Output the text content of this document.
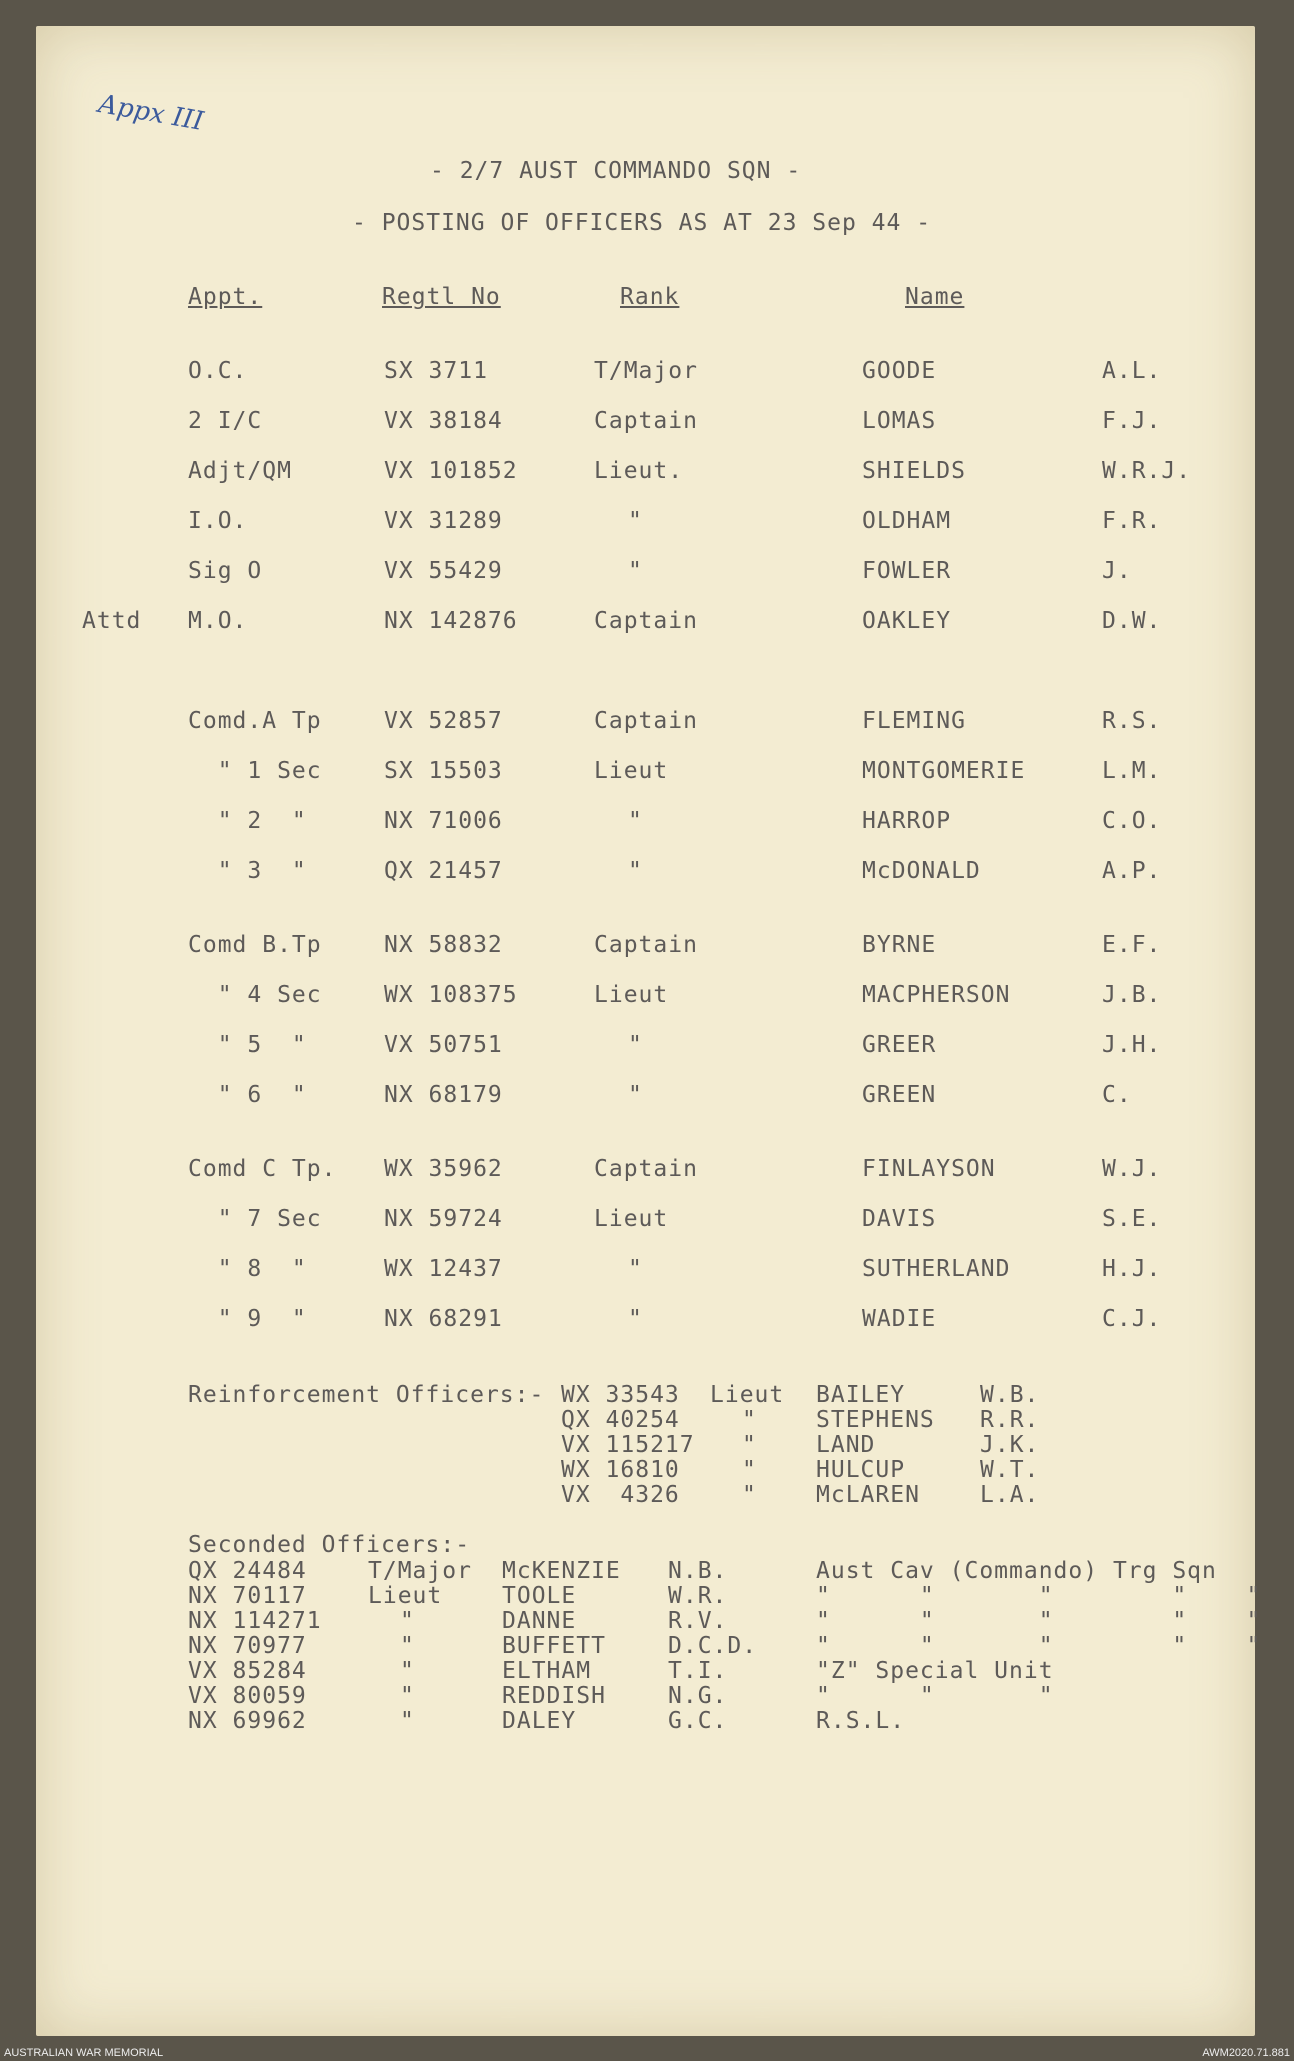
Appx III
- 2/7 AUST COMMANDO SQN -
- POSTING OF OFFICERS AS AT 23 Sep 44 -
Appt.	Regtl No	Rank	Name
O.C.	SX 3711	T/Major	GOODE	A.L.
2 I/C	VX 38184	Captain	LOMAS	F.J.
Adjt/QM	VX 101852	Lieut.	SHIELDS	W.R.J.
I.O.	VX 31289	"	OLDHAM	F.R.
Sig O	VX 55429	"	FOWLER	J.
Attd M.O.	NX 142876	Captain	OAKLEY	D.W.
Comd.A Tp	VX 52857	Captain	FLEMING	R.S.
" 1 Sec	SX 15503	Lieut	MONTGOMERIE	L.M.
" 2  "	NX 71006	"	HARROP	C.O.
" 3  "	QX 21457	"	McDONALD	A.P.
Comd B.Tp	NX 58832	Captain	BYRNE	E.F.
" 4 Sec	WX 108375	Lieut	MACPHERSON	J.B.
" 5  "	VX 50751	"	GREER	J.H.
" 6  "	NX 68179	"	GREEN	C.
Comd C Tp. WX 35962	Captain	FINLAYSON	W.J.
" 7 Sec	NX 59724	Lieut	DAVIS	S.E.
" 8  "	WX 12437	"	SUTHERLAND	H.J.
" 9  "	NX 68291	"	WADIE	C.J.
Reinforcement Officers:- WX 33543 Lieut BAILEY	W.B.
QX 40254	"	STEPHENS R.R.
VX 115217 "	LAND	J.K.
WX 16810	"	HULCUP	W.T.
VX  4326	"	McLAREN	L.A.
Seconded Officers:-
QX 24484	T/Major McKENZIE N.B.	Aust Cav (Commando) Trg Sqn
NX 70117	Lieut	TOOLE	W.R.	"      "       "        "    "
NX 114271	"	DANNE	R.V.	"      "       "        "    "
NX 70977	"	BUFFETT	D.C.D.	"      "       "        "    "
VX 85284	"	ELTHAM	T.I.	"Z" Special Unit
VX 80059	"	REDDISH	N.G.	"      "       "
NX 69962	"	DALEY	G.C.	R.S.L.
AUSTRALIAN WAR MEMORIAL	AWM2020.71.881
